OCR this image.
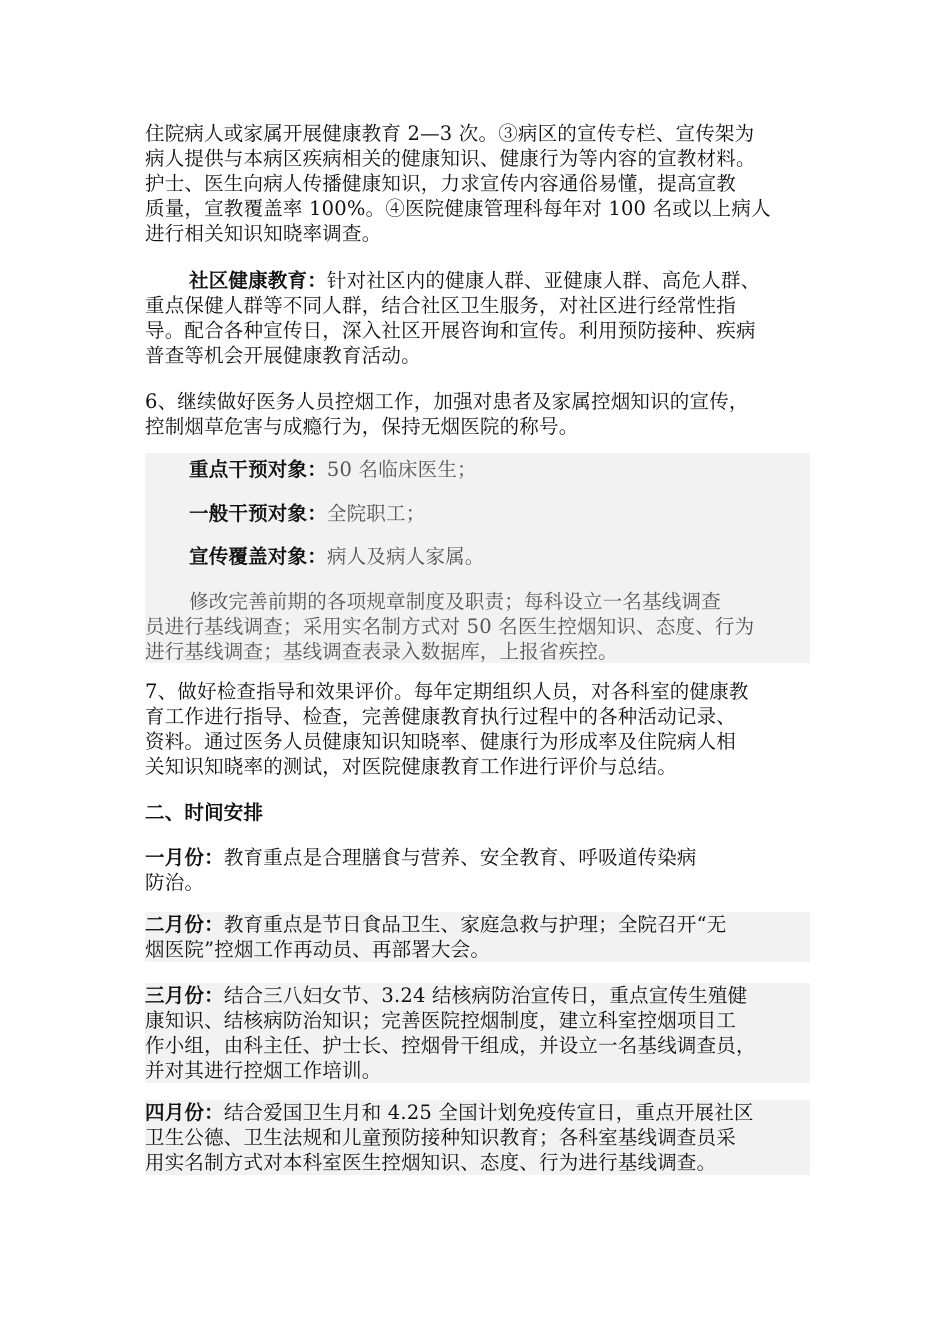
住院病人或家属开展健康教育 2—3 次。③病区的宣传专栏、宣传架为
病人提供与本病区疾病相关的健康知识、健康行为等内容的宣教材料。
护士、医生向病人传播健康知识，力求宣传内容通俗易懂，提高宣教
质量，宣教覆盖率 100%。④医院健康管理科每年对 100 名或以上病人
进行相关知识知晓率调查。
社区健康教育：针对社区内的健康人群、亚健康人群、高危人群、
重点保健人群等不同人群，结合社区卫生服务，对社区进行经常性指
导。配合各种宣传日，深入社区开展咨询和宣传。利用预防接种、疾病
普查等机会开展健康教育活动。
6、继续做好医务人员控烟工作，加强对患者及家属控烟知识的宣传，
控制烟草危害与成瘾行为，保持无烟医院的称号。
重点干预对象：50 名临床医生；
一般干预对象：全院职工；
宣传覆盖对象：病人及病人家属。
修改完善前期的各项规章制度及职责；每科设立一名基线调查
员进行基线调查；采用实名制方式对 50 名医生控烟知识、态度、行为
进行基线调查；基线调查表录入数据库，上报省疾控。
7、做好检查指导和效果评价。每年定期组织人员，对各科室的健康教
育工作进行指导、检查，完善健康教育执行过程中的各种活动记录、
资料。通过医务人员健康知识知晓率、健康行为形成率及住院病人相
关知识知晓率的测试，对医院健康教育工作进行评价与总结。
二、时间安排
一月份：教育重点是合理膳食与营养、安全教育、呼吸道传染病
防治。
二月份：教育重点是节日食品卫生、家庭急救与护理；全院召开“无
烟医院”控烟工作再动员、再部署大会。
三月份：结合三八妇女节、3.24 结核病防治宣传日，重点宣传生殖健
康知识、结核病防治知识；完善医院控烟制度，建立科室控烟项目工
作小组，由科主任、护士长、控烟骨干组成，并设立一名基线调查员，
并对其进行控烟工作培训。
四月份：结合爱国卫生月和 4.25 全国计划免疫传宣日，重点开展社区
卫生公德、卫生法规和儿童预防接种知识教育；各科室基线调查员采
用实名制方式对本科室医生控烟知识、态度、行为进行基线调查。
